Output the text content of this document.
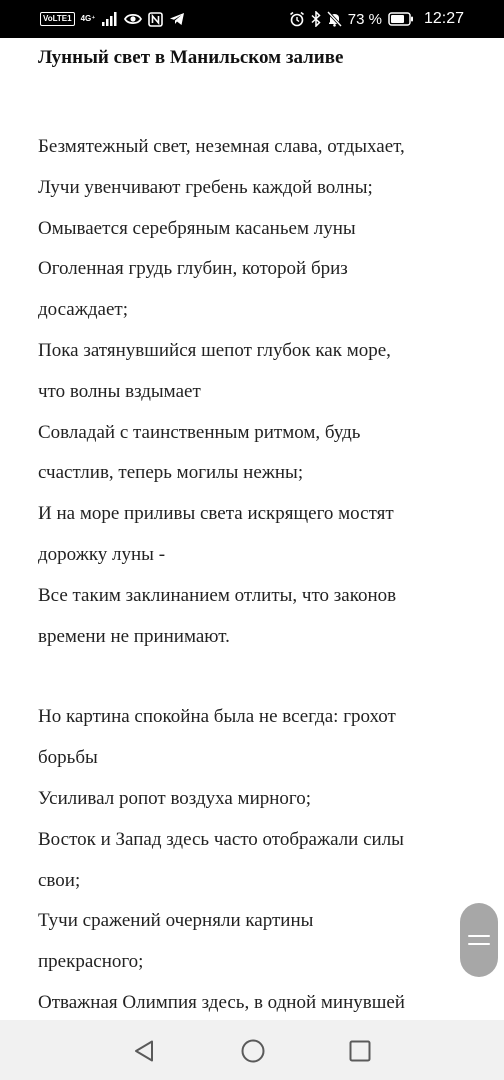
VoLTE1	4G⁺	73 %	12:27
Лунный свет в Манильском заливе
Безмятежный свет, неземная слава, отдыхает,
Лучи увенчивают гребень каждой волны;
Омывается серебряным касаньем луны
Оголенная грудь глубин, которой бриз
досаждает;
Пока затянувшийся шепот глубок как море,
что волны вздымает
Совладай с таинственным ритмом, будь
счастлив, теперь могилы нежны;
И на море приливы света искрящего мостят
дорожку луны -
Все таким заклинанием отлиты, что законов
времени не принимают.
Но картина спокойна была не всегда: грохот
борьбы
Усиливал ропот воздуха мирного;
Восток и Запад здесь часто отображали силы
свои;
Тучи сражений очерняли картины
прекрасного;
Отважная Олимпия здесь, в одной минувшей
